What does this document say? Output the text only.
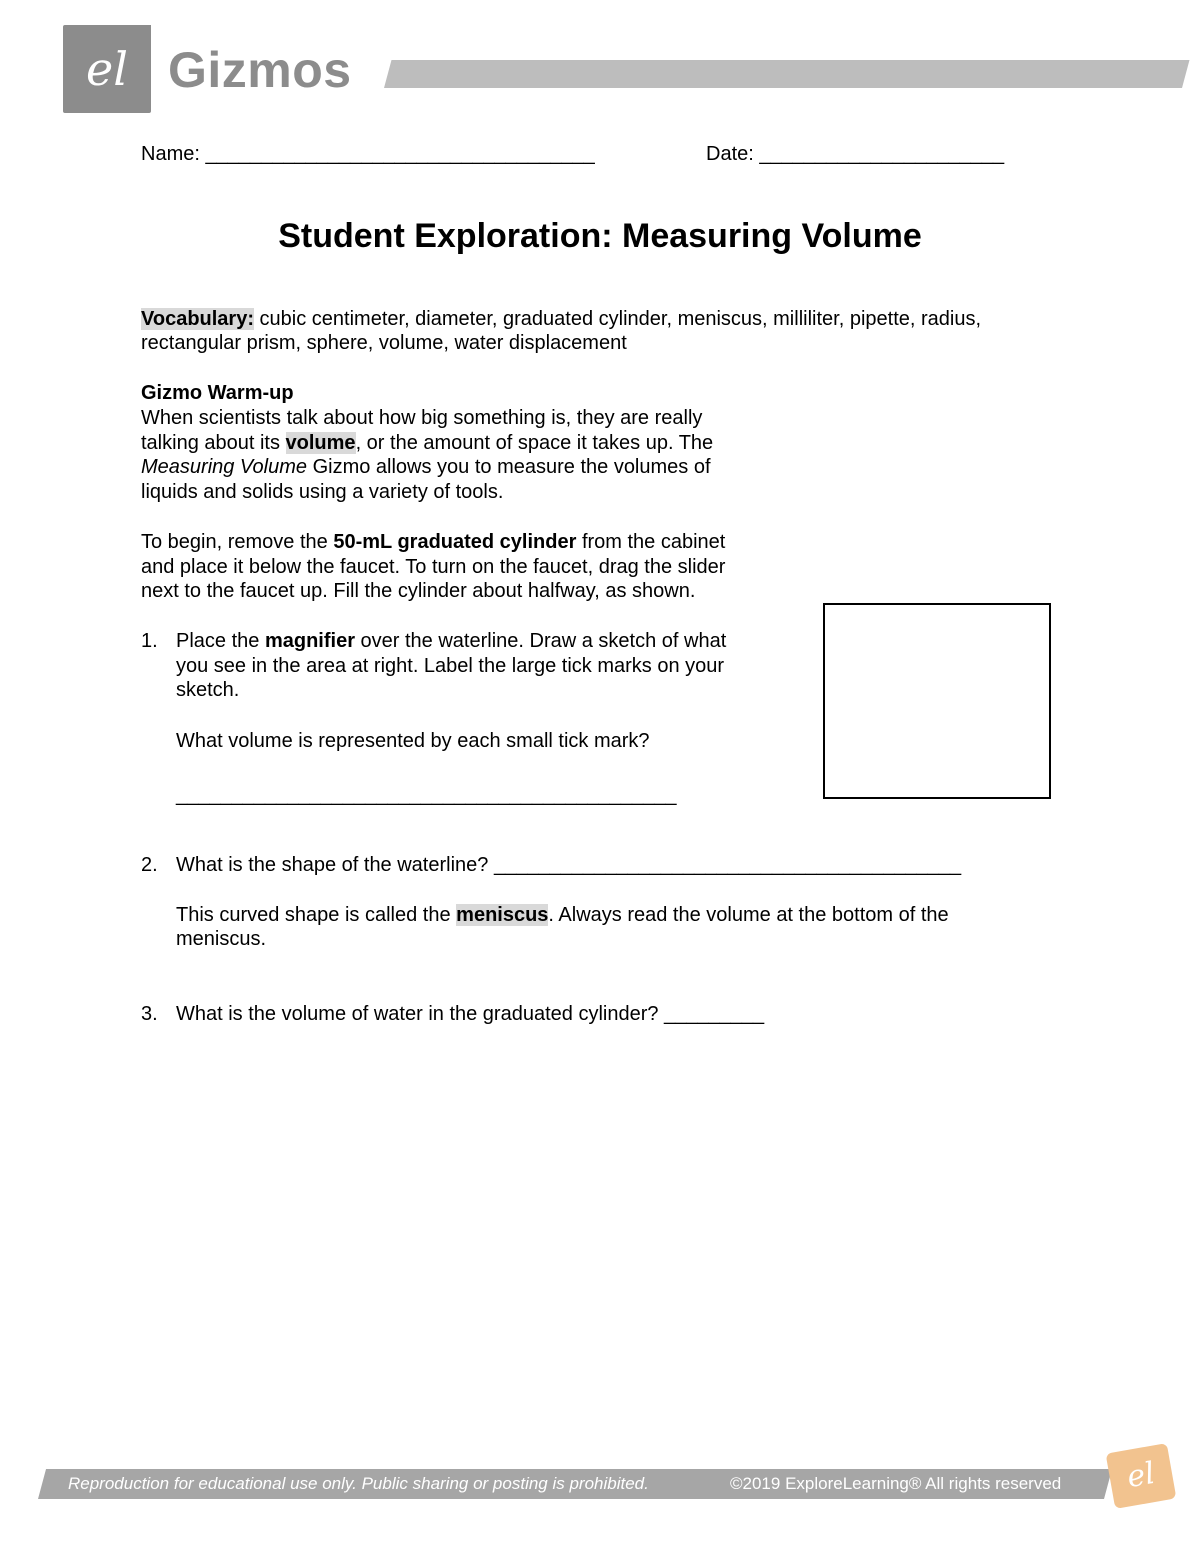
el Gizmos
Name: ___________________________________	Date: ______________________
Student Exploration: Measuring Volume
Vocabulary: cubic centimeter, diameter, graduated cylinder, meniscus, milliliter, pipette, radius,
rectangular prism, sphere, volume, water displacement
Gizmo Warm-up
When scientists talk about how big something is, they are really
talking about its volume, or the amount of space it takes up. The
Measuring Volume Gizmo allows you to measure the volumes of
liquids and solids using a variety of tools.
To begin, remove the 50-mL graduated cylinder from the cabinet
and place it below the faucet. To turn on the faucet, drag the slider
next to the faucet up. Fill the cylinder about halfway, as shown.
1. Place the magnifier over the waterline. Draw a sketch of what
you see in the area at right. Label the large tick marks on your
sketch.
What volume is represented by each small tick mark?
_____________________________________________
2. What is the shape of the waterline? __________________________________________
This curved shape is called the meniscus. Always read the volume at the bottom of the
meniscus.
3. What is the volume of water in the graduated cylinder? _________
Reproduction for educational use only. Public sharing or posting is prohibited.	©2019 ExploreLearning® All rights reserved	el
